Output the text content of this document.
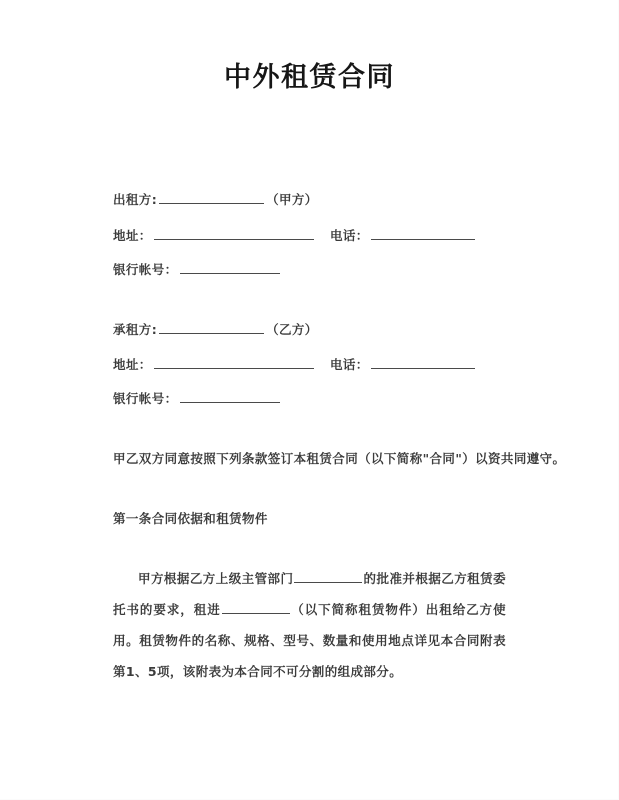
中外租赁合同
出租方:	（甲方）
地址：	电话：
银行帐号：
承租方:	（乙方）
地址：	电话：
银行帐号：
甲乙双方同意按照下列条款签订本租赁合同（以下简称"合同"）以资共同遵守。
第一条合同依据和租赁物件
甲方根据乙方上级主管部门	的批准并根据乙方租赁委托书的要求，租进	（以下简称租赁物件）出租给乙方使用。租赁物件的名称、规格、型号、数量和使用地点详见本合同附表第1、5项，该附表为本合同不可分割的组成部分。
